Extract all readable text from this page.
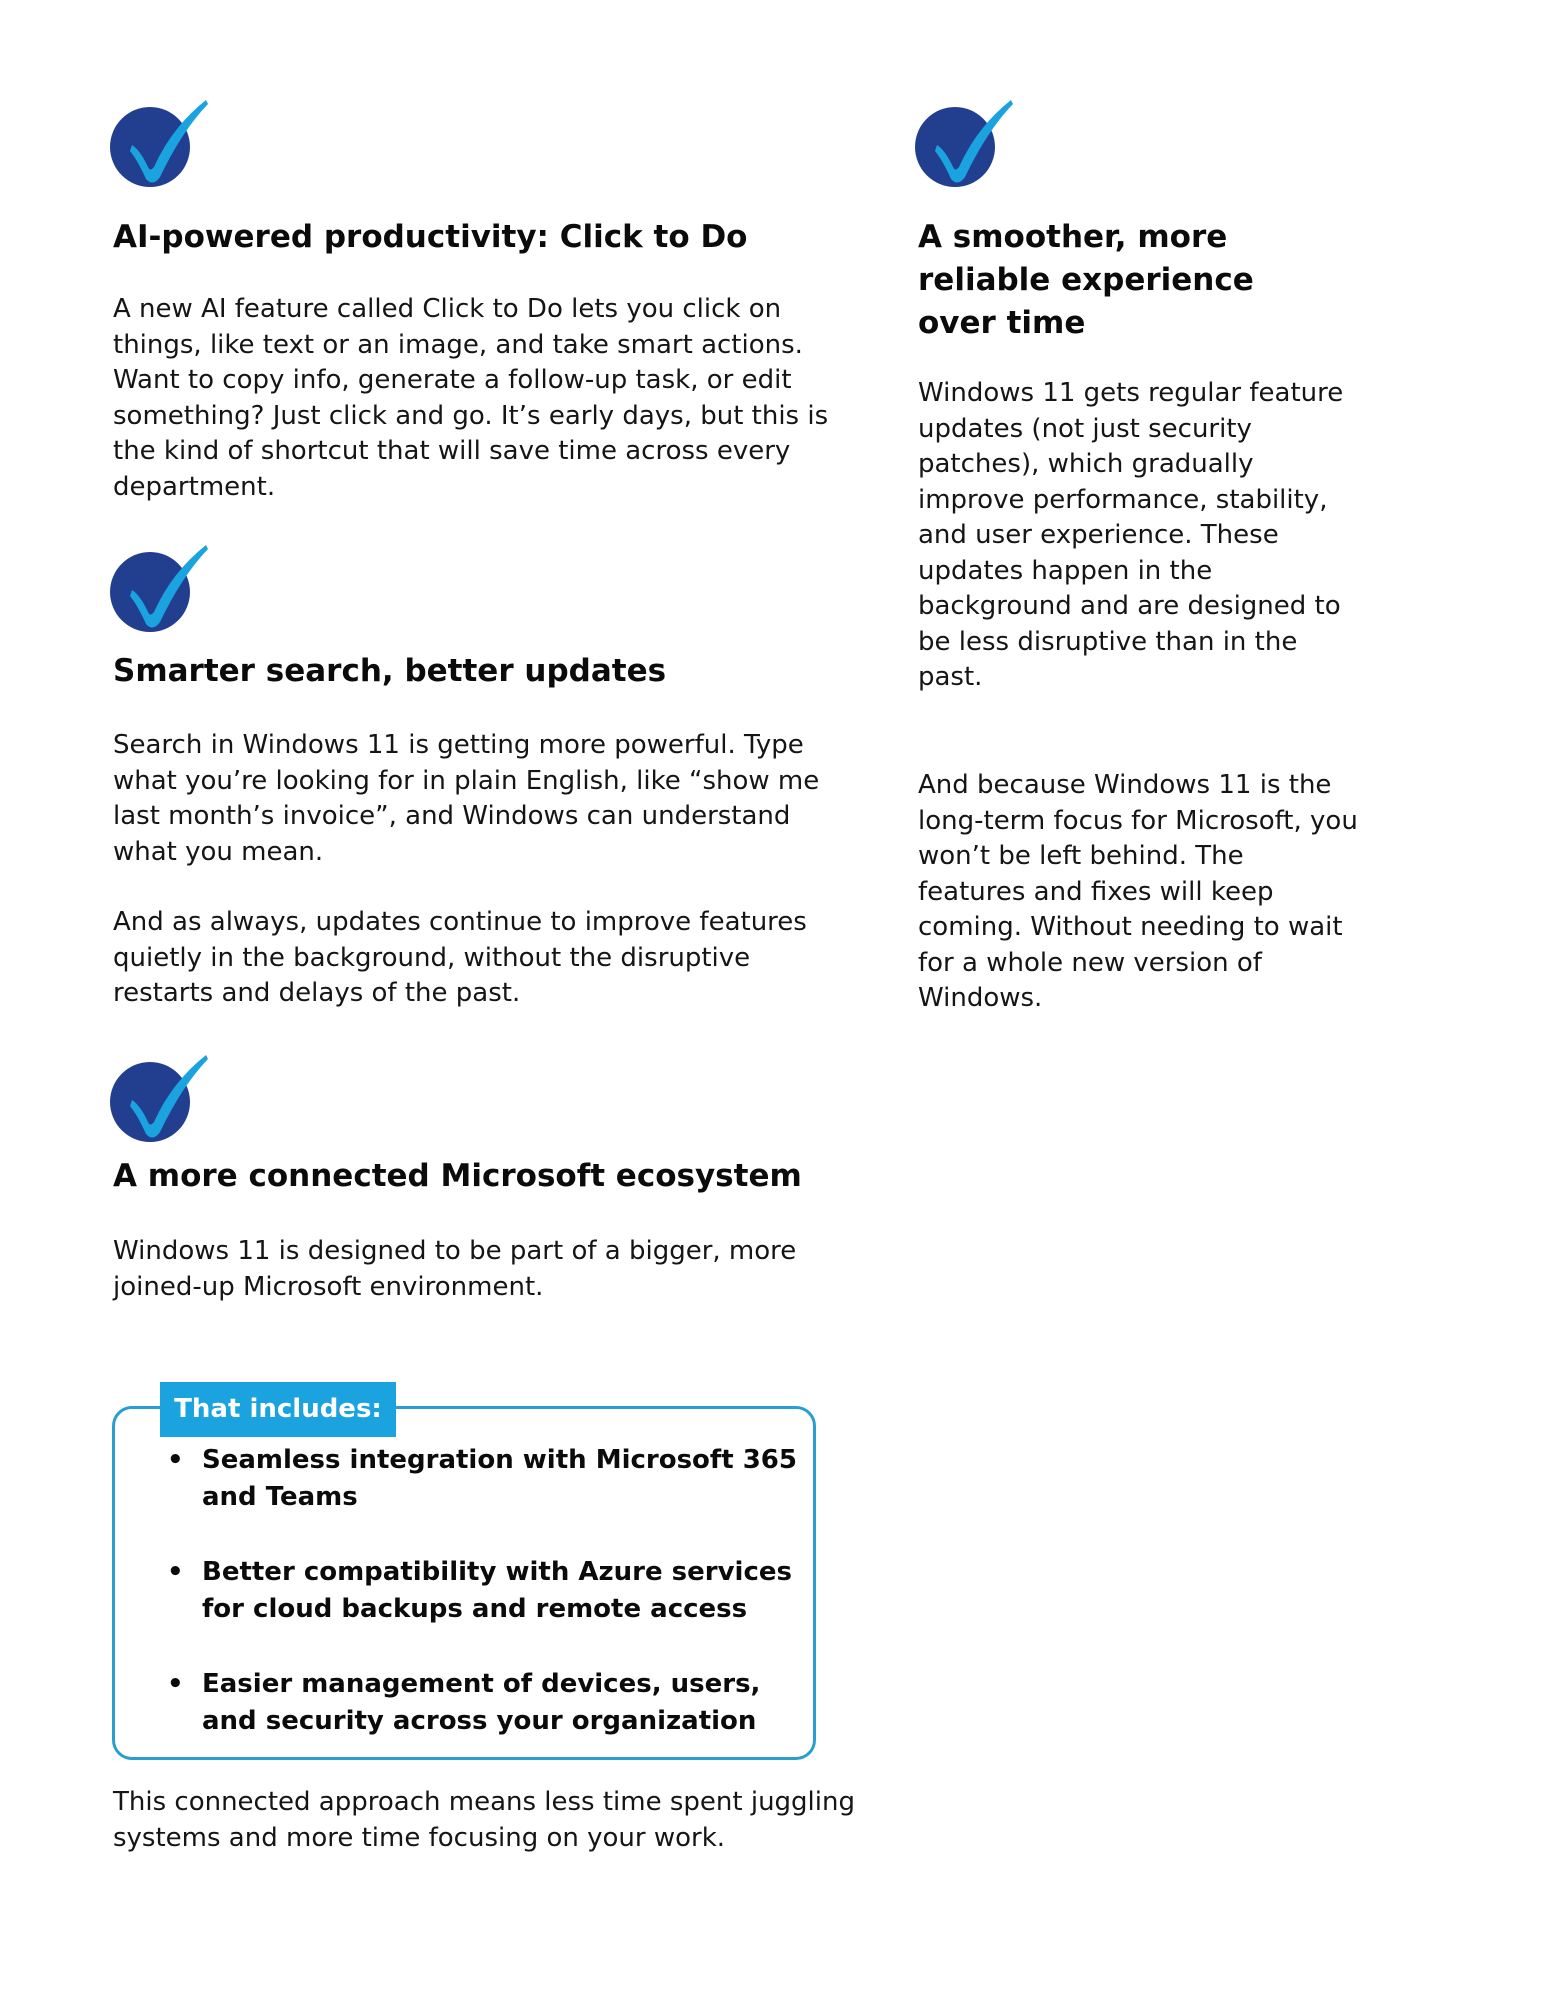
AI-powered productivity: Click to Do

A new AI feature called Click to Do lets you click on things, like text or an image, and take smart actions. Want to copy info, generate a follow-up task, or edit something? Just click and go. It’s early days, but this is the kind of shortcut that will save time across every department.

Smarter search, better updates

Search in Windows 11 is getting more powerful. Type what you’re looking for in plain English, like “show me last month’s invoice”, and Windows can understand what you mean.

And as always, updates continue to improve features quietly in the background, without the disruptive restarts and delays of the past.

A more connected Microsoft ecosystem

Windows 11 is designed to be part of a bigger, more joined-up Microsoft environment.

That includes:
• Seamless integration with Microsoft 365 and Teams
• Better compatibility with Azure services for cloud backups and remote access
• Easier management of devices, users, and security across your organization

This connected approach means less time spent juggling systems and more time focusing on your work.

A smoother, more reliable experience over time

Windows 11 gets regular feature updates (not just security patches), which gradually improve performance, stability, and user experience. These updates happen in the background and are designed to be less disruptive than in the past.

And because Windows 11 is the long-term focus for Microsoft, you won’t be left behind. The features and fixes will keep coming. Without needing to wait for a whole new version of Windows.
